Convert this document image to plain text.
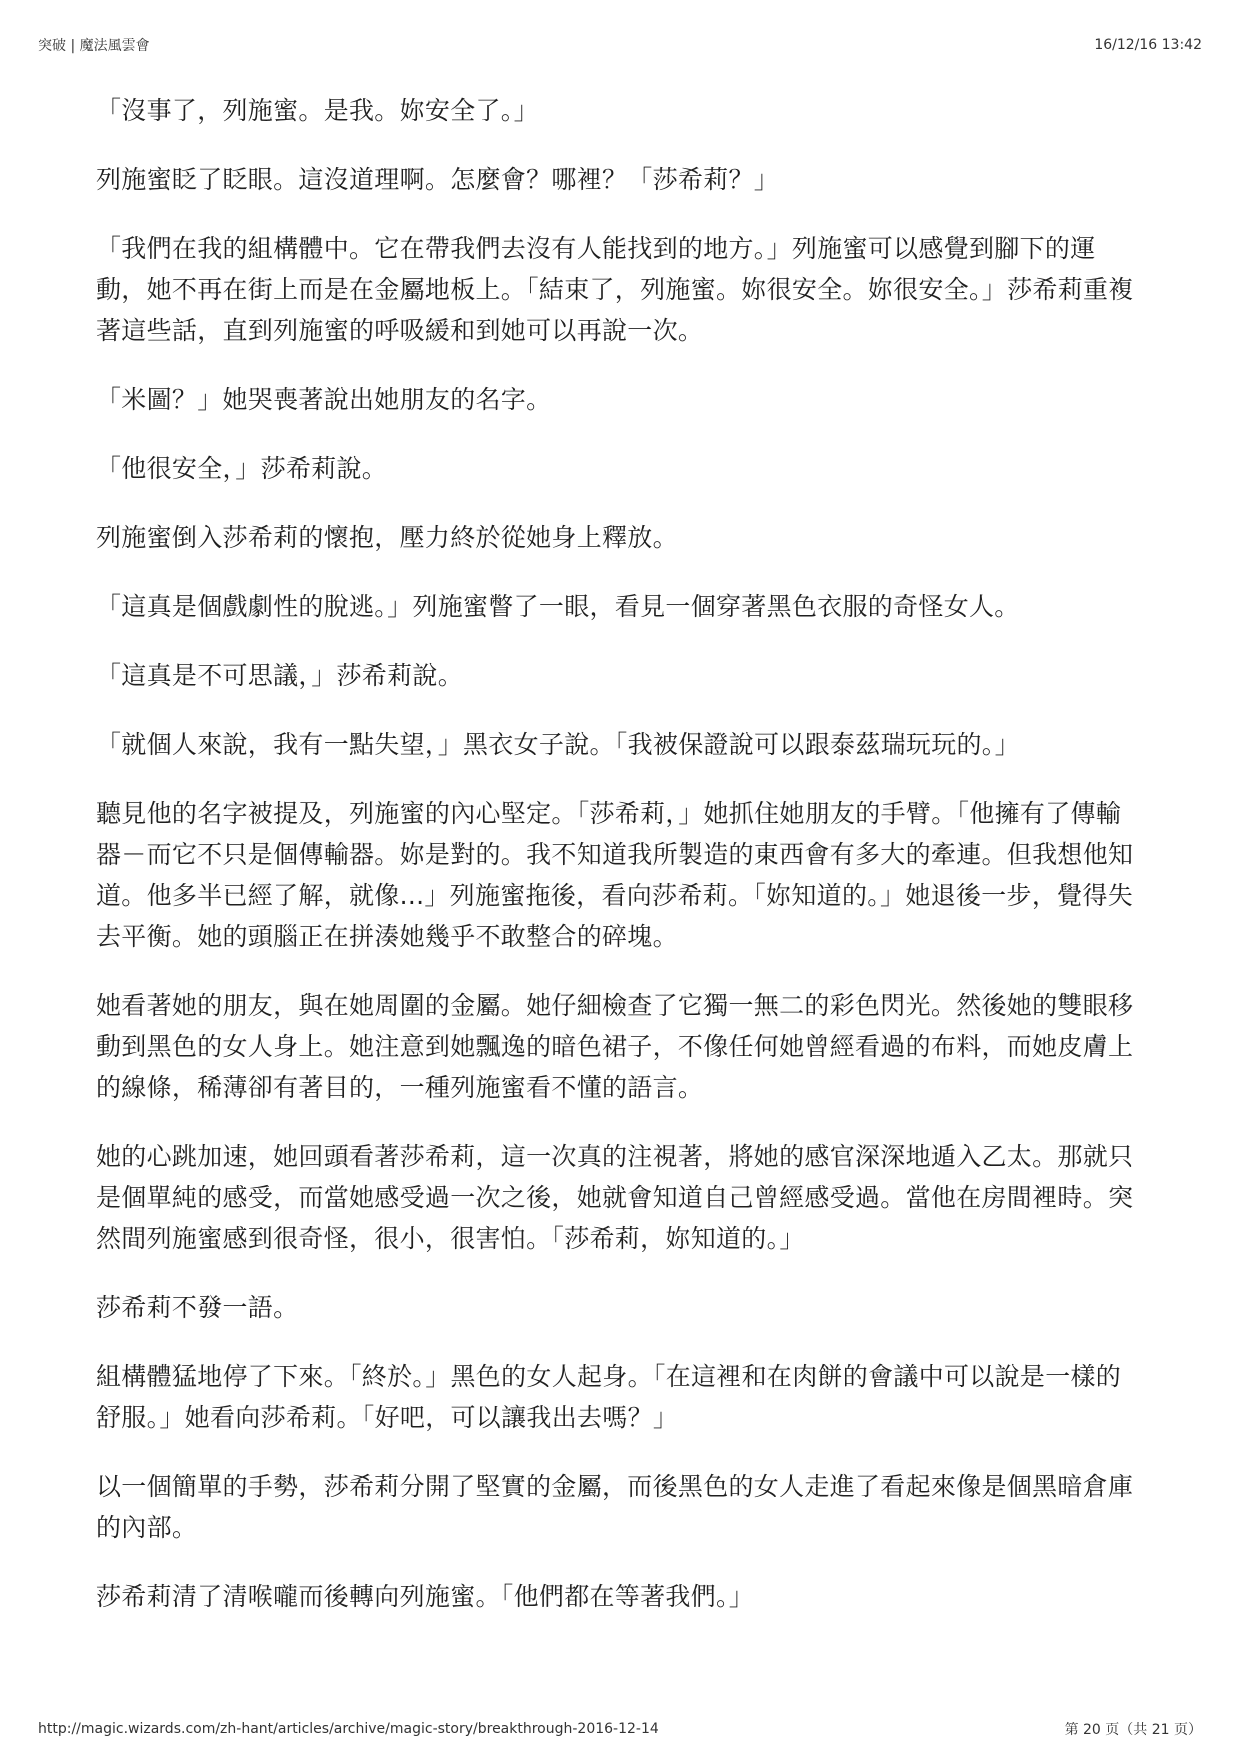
突破 | 魔法風雲會	16/12/16 13:42

「沒事了，列施蜜。是我。妳安全了。」

列施蜜眨了眨眼。這沒道理啊。怎麼會？哪裡？「莎希莉？」

「我們在我的組構體中。它在帶我們去沒有人能找到的地方。」列施蜜可以感覺到腳下的運動，她不再在街上而是在金屬地板上。「結束了，列施蜜。妳很安全。妳很安全。」莎希莉重複著這些話，直到列施蜜的呼吸緩和到她可以再說一次。

「米圖？」她哭喪著說出她朋友的名字。

「他很安全，」莎希莉說。

列施蜜倒入莎希莉的懷抱，壓力終於從她身上釋放。

「這真是個戲劇性的脫逃。」列施蜜瞥了一眼，看見一個穿著黑色衣服的奇怪女人。

「這真是不可思議，」莎希莉說。

「就個人來說，我有一點失望，」黑衣女子說。「我被保證說可以跟泰茲瑞玩玩的。」

聽見他的名字被提及，列施蜜的內心堅定。「莎希莉，」她抓住她朋友的手臂。「他擁有了傳輸器－而它不只是個傳輸器。妳是對的。我不知道我所製造的東西會有多大的牽連。但我想他知道。他多半已經了解，就像...」列施蜜拖後，看向莎希莉。「妳知道的。」她退後一步，覺得失去平衡。她的頭腦正在拼湊她幾乎不敢整合的碎塊。

她看著她的朋友，與在她周圍的金屬。她仔細檢查了它獨一無二的彩色閃光。然後她的雙眼移動到黑色的女人身上。她注意到她飄逸的暗色裙子，不像任何她曾經看過的布料，而她皮膚上的線條，稀薄卻有著目的，一種列施蜜看不懂的語言。

她的心跳加速，她回頭看著莎希莉，這一次真的注視著，將她的感官深深地遁入乙太。那就只是個單純的感受，而當她感受過一次之後，她就會知道自己曾經感受過。當他在房間裡時。突然間列施蜜感到很奇怪，很小，很害怕。「莎希莉，妳知道的。」

莎希莉不發一語。

組構體猛地停了下來。「終於。」黑色的女人起身。「在這裡和在肉餅的會議中可以說是一樣的舒服。」她看向莎希莉。「好吧，可以讓我出去嗎？」

以一個簡單的手勢，莎希莉分開了堅實的金屬，而後黑色的女人走進了看起來像是個黑暗倉庫的內部。

莎希莉清了清喉嚨而後轉向列施蜜。「他們都在等著我們。」

http://magic.wizards.com/zh-hant/articles/archive/magic-story/breakthrough-2016-12-14	第 20 页（共 21 页）
